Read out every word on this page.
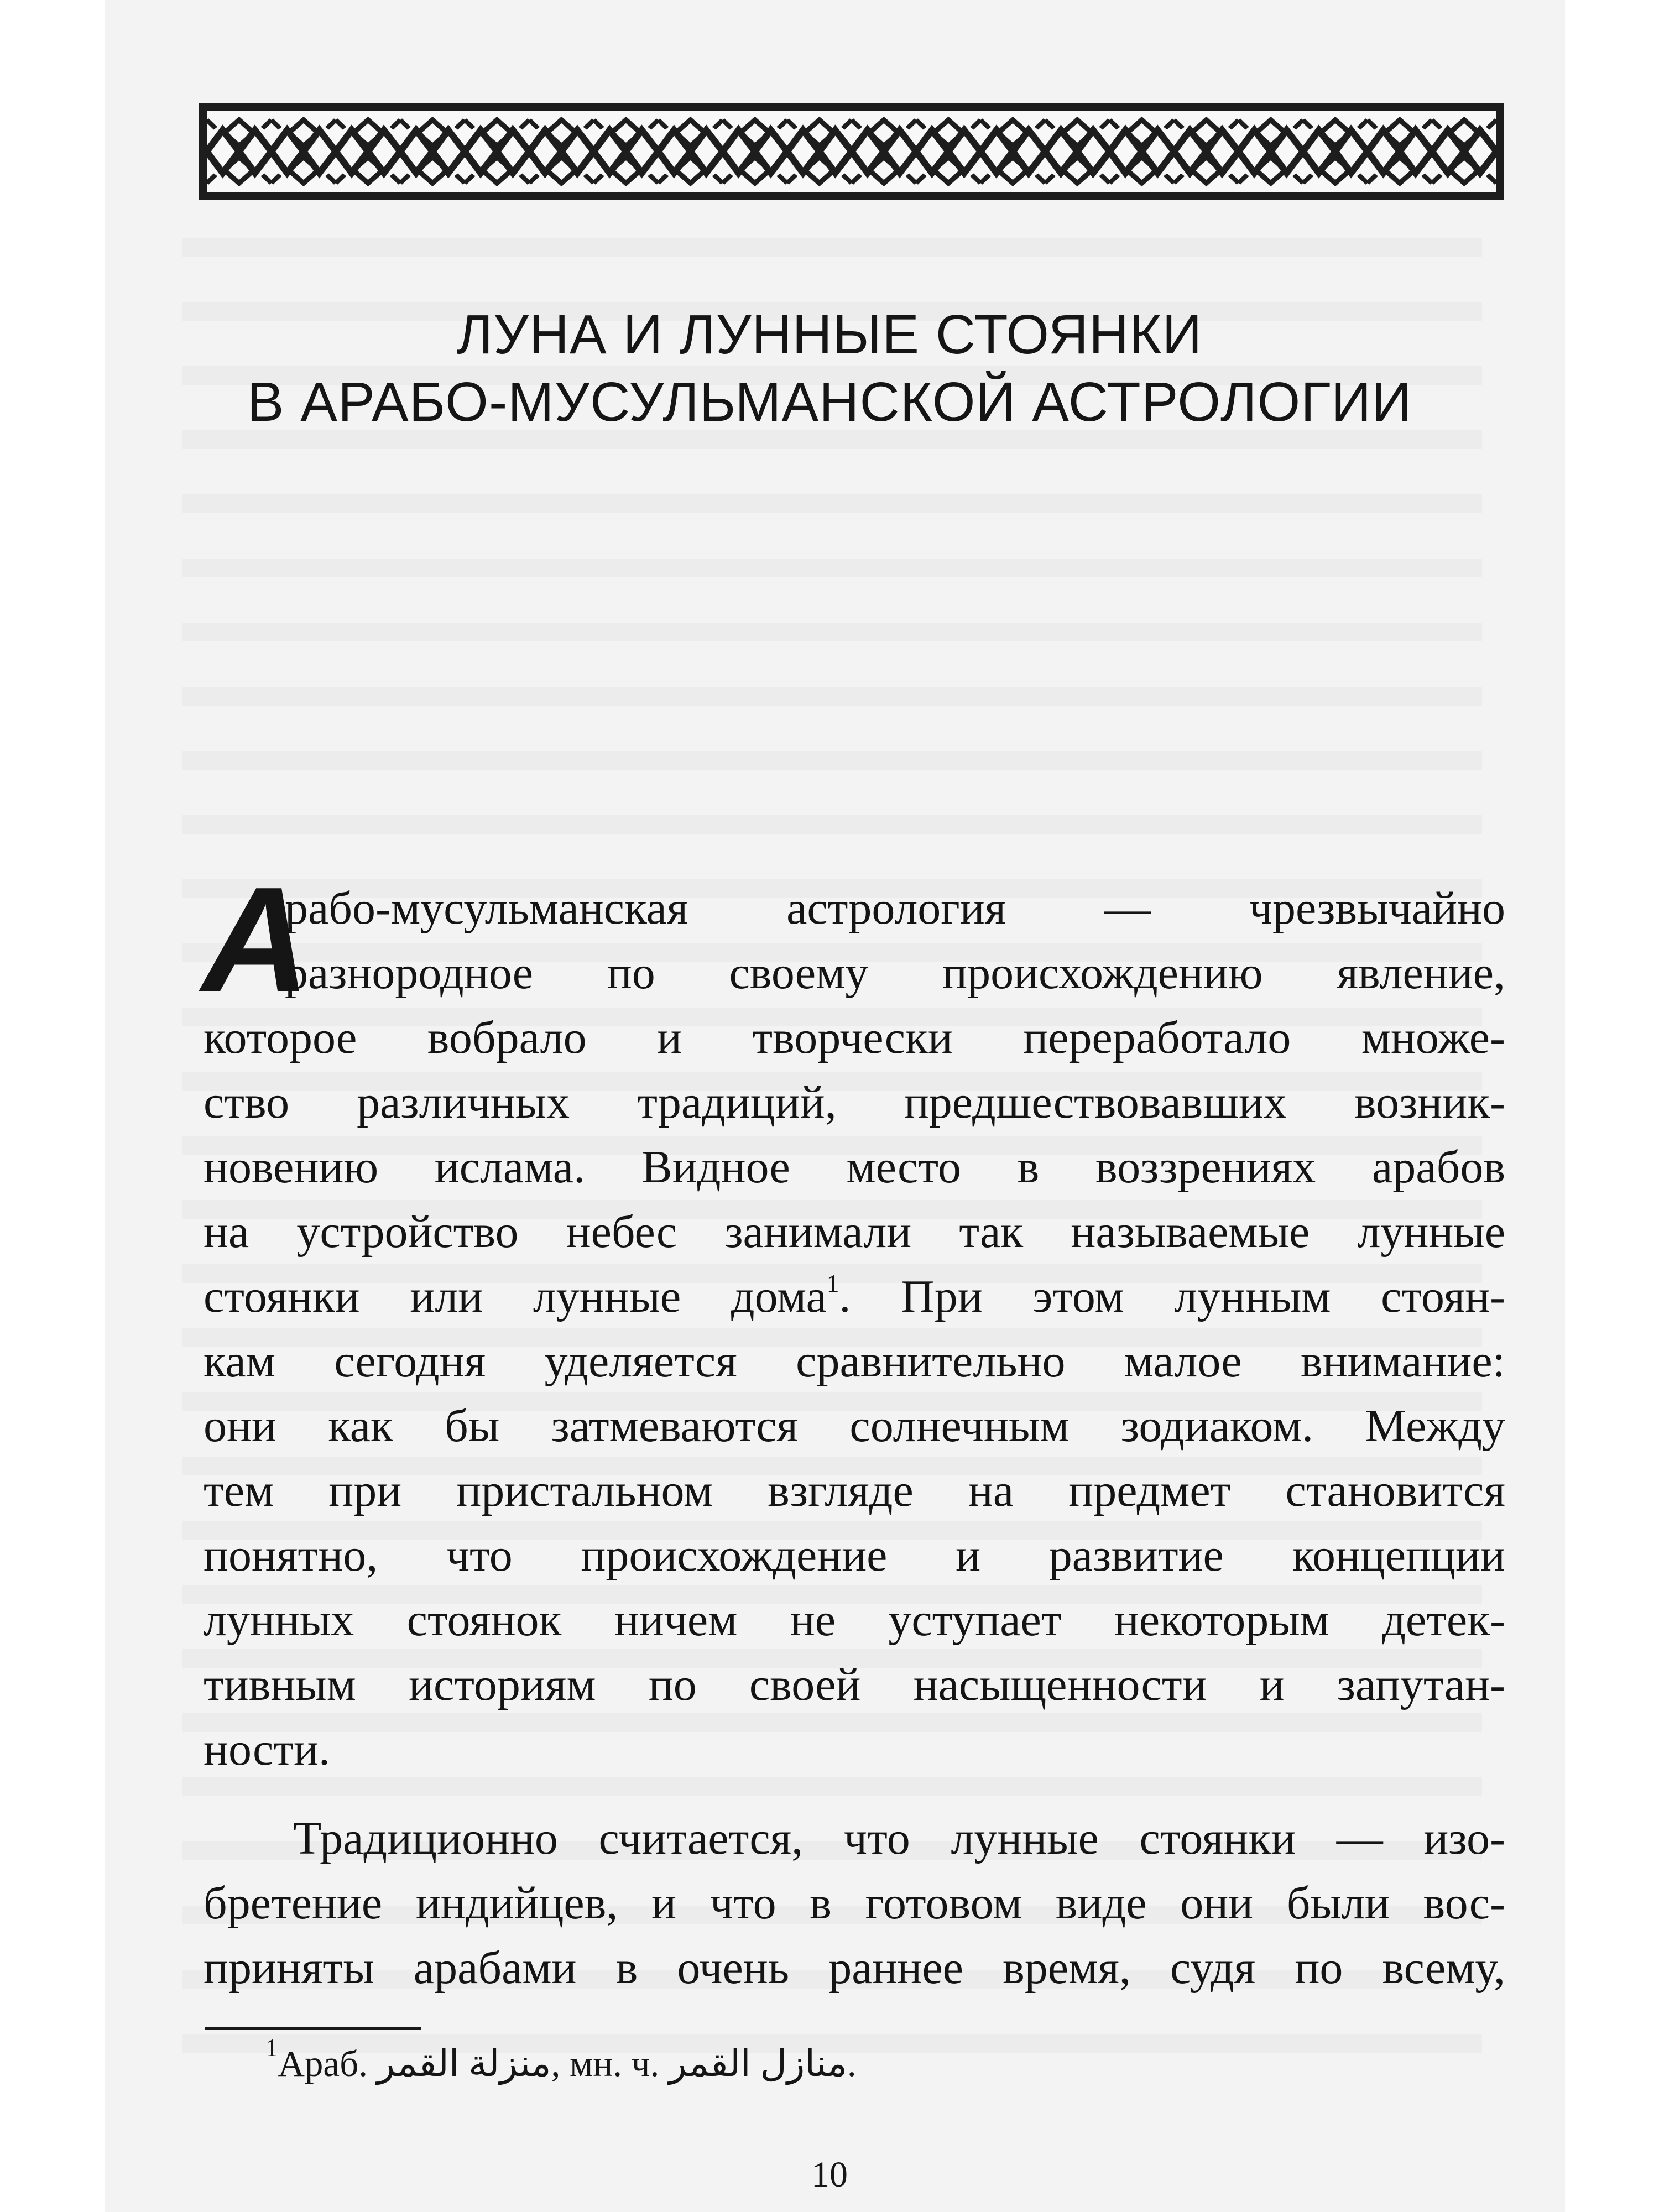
ЛУНА И ЛУННЫЕ СТОЯНКИ
В АРАБО-МУСУЛЬМАНСКОЙ АСТРОЛОГИИ
А
рабо-мусульманская астрология — чрезвычайно
разнородное по своему происхождению явление,
которое вобрало и творчески переработало множе-
ство различных традиций, предшествовавших возник-
новению ислама. Видное место в воззрениях арабов
на устройство небес занимали так называемые лунные
стоянки или лунные дома$^1$. При этом лунным стоян-
кам сегодня уделяется сравнительно малое внимание:
они как бы затмеваются солнечным зодиаком. Между
тем при пристальном взгляде на предмет становится
понятно, что происхождение и развитие концепции
лунных стоянок ничем не уступает некоторым детек-
тивным историям по своей насыщенности и запутан-
ности.
Традиционно считается, что лунные стоянки — изо-
бретение индийцев, и что в готовом виде они были вос-
приняты арабами в очень раннее время, судя по всему,
$^1$Араб. منزلة القمر, мн. ч. منازل القمر.
10
